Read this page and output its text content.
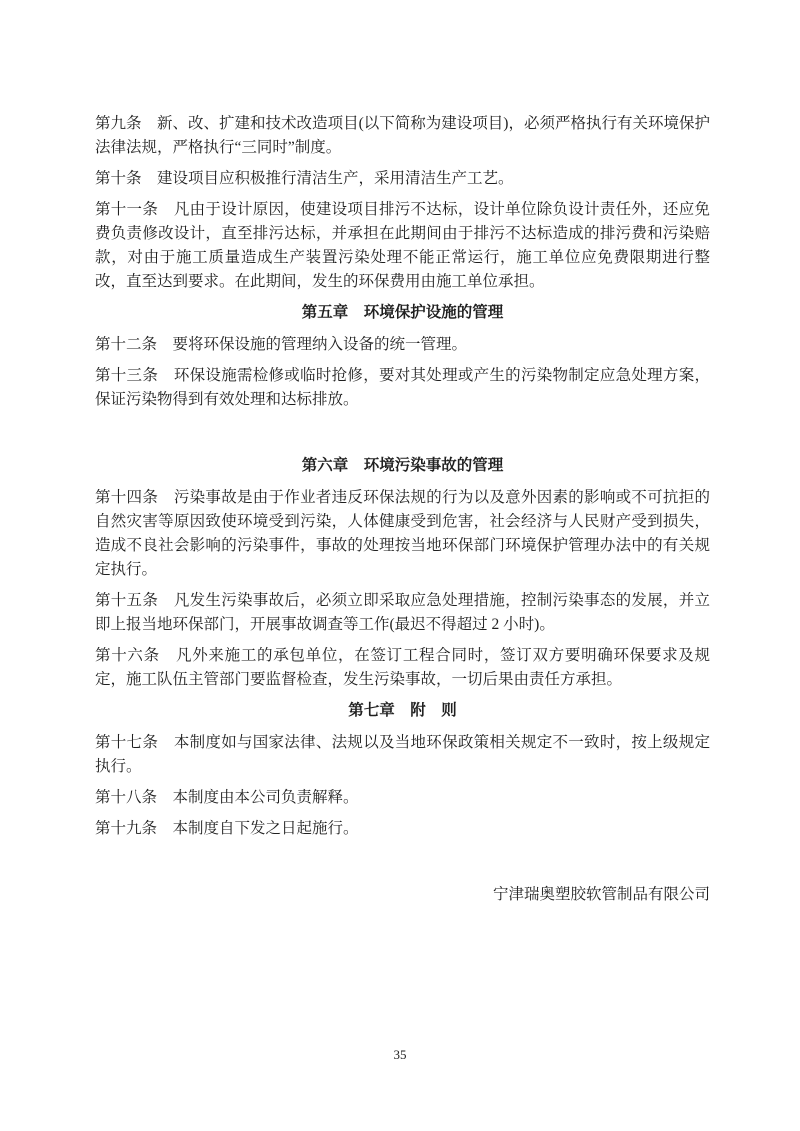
第九条　新、改、扩建和技术改造项目(以下简称为建设项目)，必须严格执行有关环境保护法律法规，严格执行“三同时”制度。

第十条　建设项目应积极推行清洁生产，采用清洁生产工艺。

第十一条　凡由于设计原因，使建设项目排污不达标，设计单位除负设计责任外，还应免费负责修改设计，直至排污达标，并承担在此期间由于排污不达标造成的排污费和污染赔款，对由于施工质量造成生产装置污染处理不能正常运行，施工单位应免费限期进行整改，直至达到要求。在此期间，发生的环保费用由施工单位承担。

第五章　环境保护设施的管理

第十二条　要将环保设施的管理纳入设备的统一管理。

第十三条　环保设施需检修或临时抢修，要对其处理或产生的污染物制定应急处理方案，保证污染物得到有效处理和达标排放。

第六章　环境污染事故的管理

第十四条　污染事故是由于作业者违反环保法规的行为以及意外因素的影响或不可抗拒的自然灾害等原因致使环境受到污染，人体健康受到危害，社会经济与人民财产受到损失，造成不良社会影响的污染事件，事故的处理按当地环保部门环境保护管理办法中的有关规定执行。

第十五条　凡发生污染事故后，必须立即采取应急处理措施，控制污染事态的发展，并立即上报当地环保部门，开展事故调查等工作(最迟不得超过 2 小时)。

第十六条　凡外来施工的承包单位，在签订工程合同时，签订双方要明确环保要求及规定，施工队伍主管部门要监督检查，发生污染事故，一切后果由责任方承担。

第七章　附　则

第十七条　本制度如与国家法律、法规以及当地环保政策相关规定不一致时，按上级规定执行。

第十八条　本制度由本公司负责解释。

第十九条　本制度自下发之日起施行。

宁津瑞奥塑胶软管制品有限公司

35
